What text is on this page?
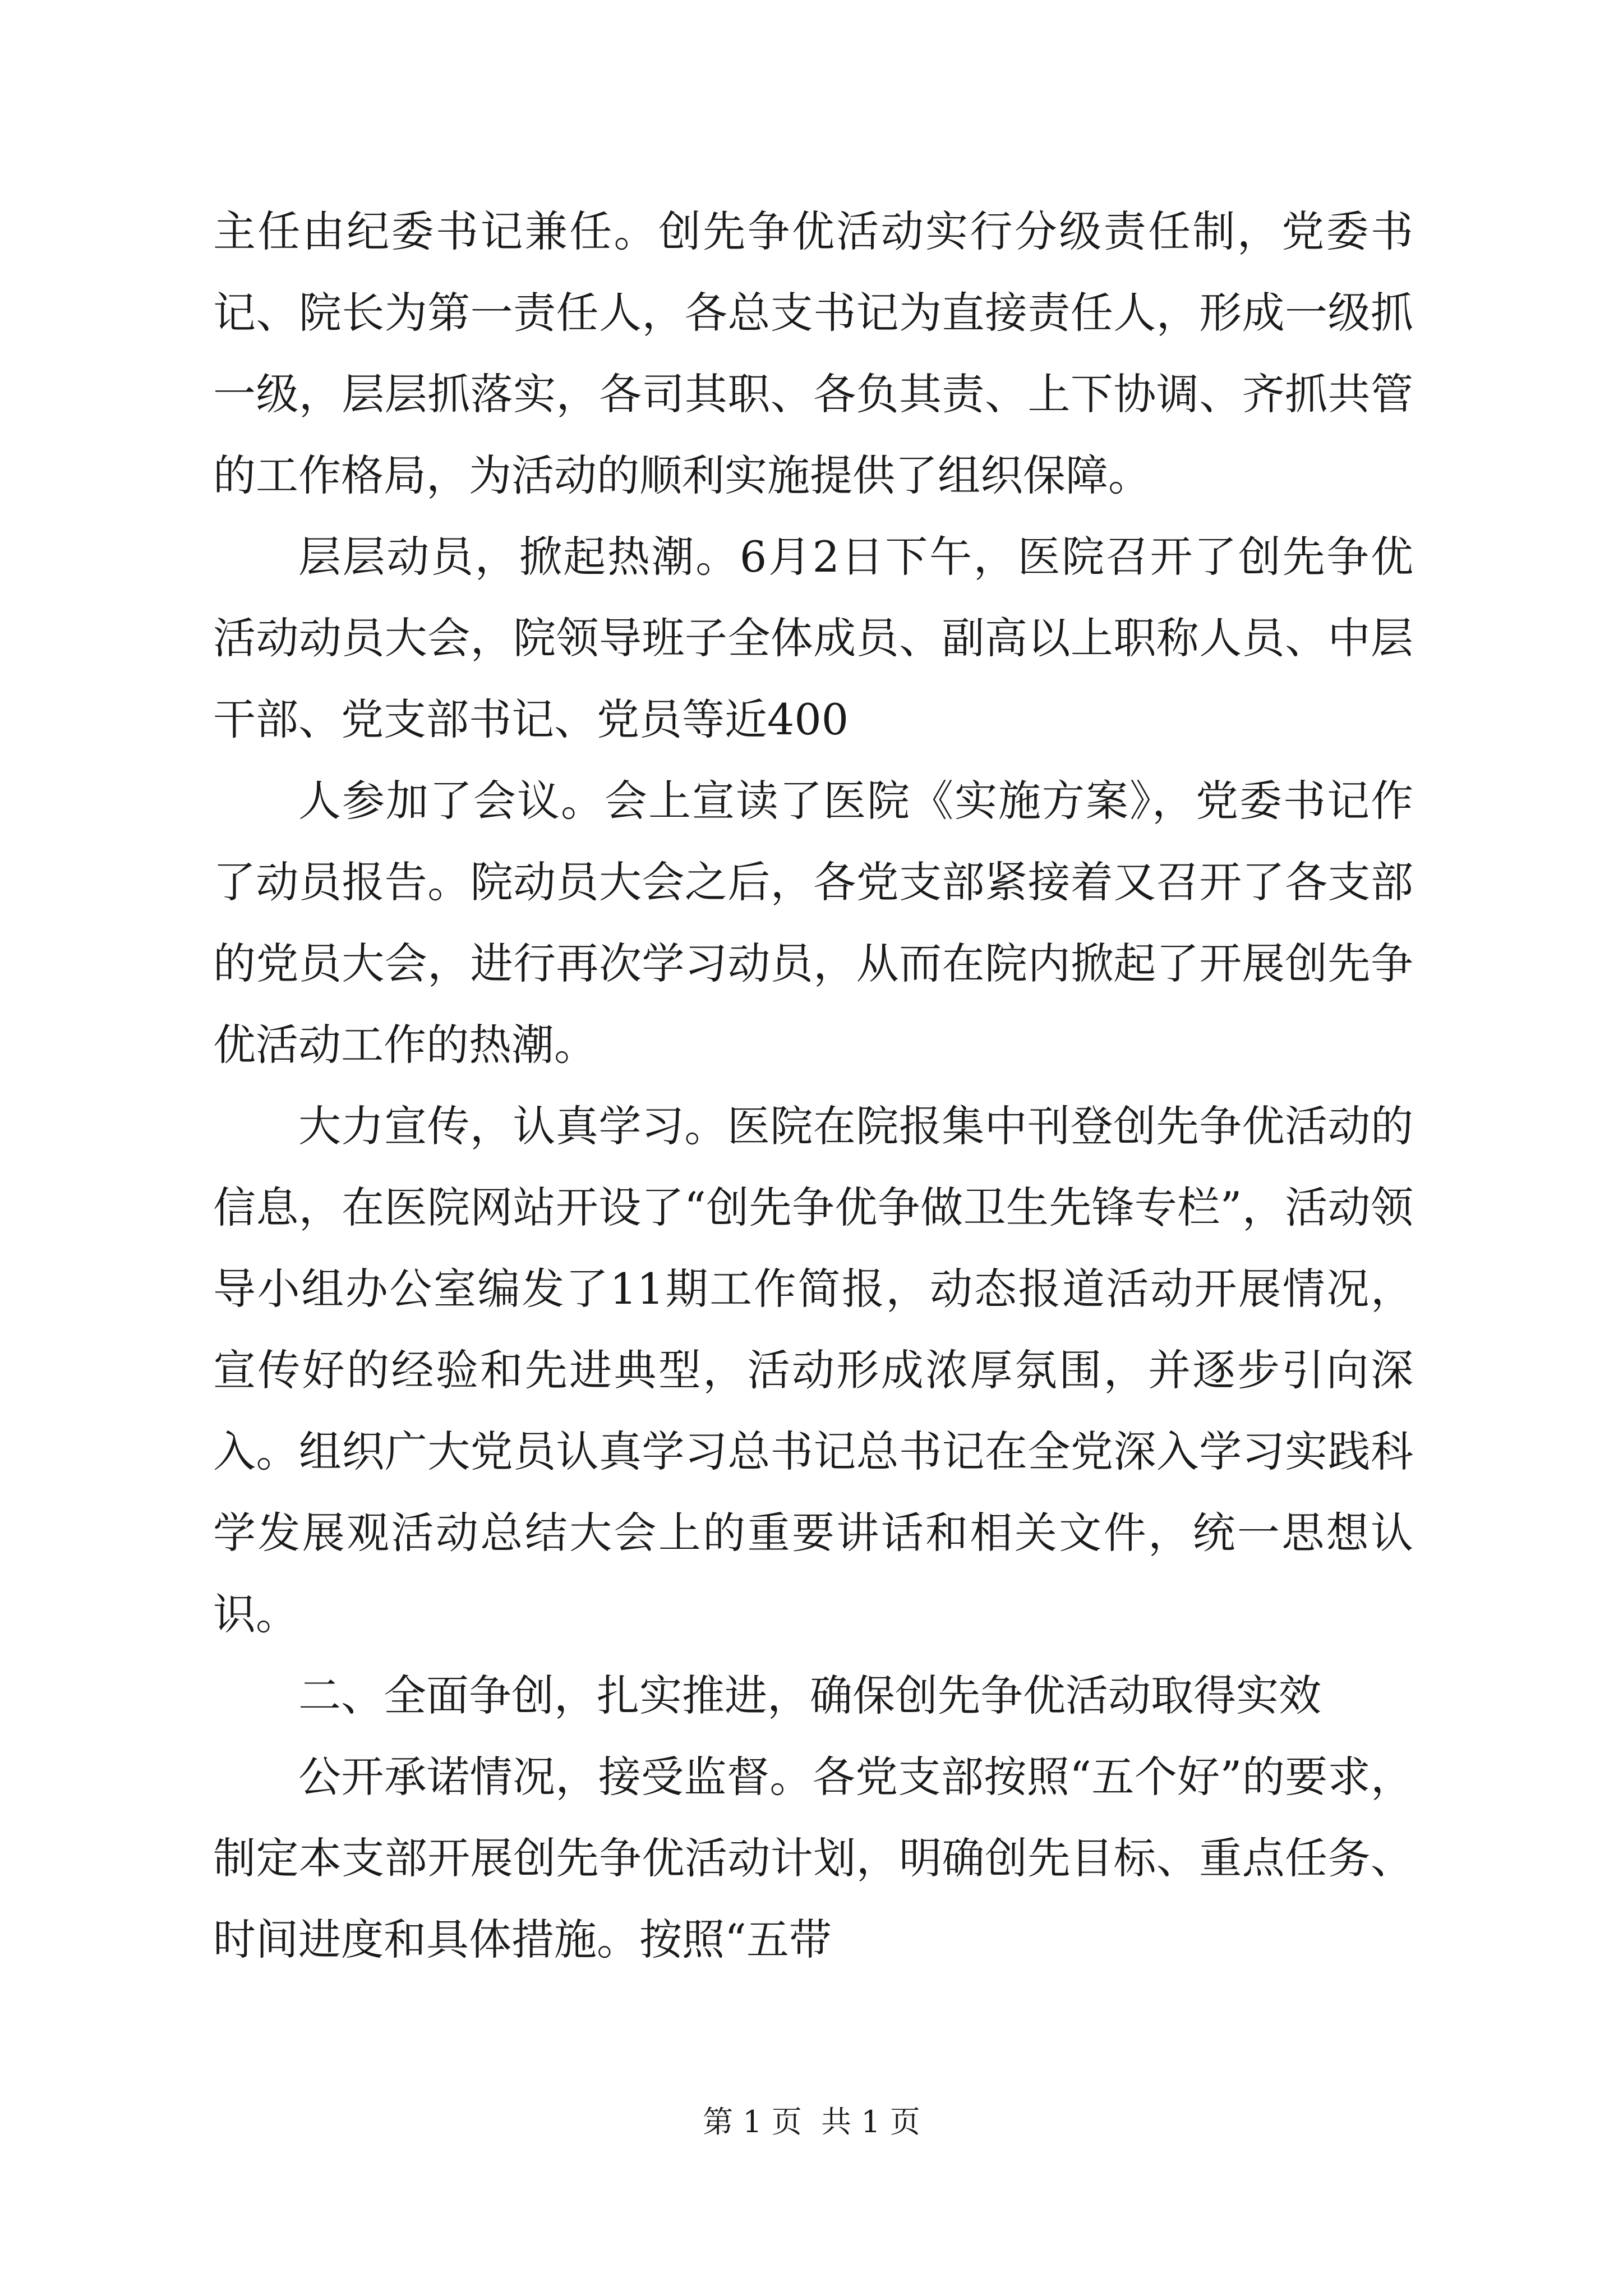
主任由纪委书记兼任。创先争优活动实行分级责任制，党委书记、院长为第一责任人，各总支书记为直接责任人，形成一级抓一级，层层抓落实，各司其职、各负其责、上下协调、齐抓共管的工作格局，为活动的顺利实施提供了组织保障。

层层动员，掀起热潮。6月2日下午，医院召开了创先争优活动动员大会，院领导班子全体成员、副高以上职称人员、中层干部、党支部书记、党员等近400

人参加了会议。会上宣读了医院《实施方案》，党委书记作了动员报告。院动员大会之后，各党支部紧接着又召开了各支部的党员大会，进行再次学习动员，从而在院内掀起了开展创先争优活动工作的热潮。

大力宣传，认真学习。医院在院报集中刊登创先争优活动的信息，在医院网站开设了“创先争优争做卫生先锋专栏”，活动领导小组办公室编发了11期工作简报，动态报道活动开展情况，宣传好的经验和先进典型，活动形成浓厚氛围，并逐步引向深入。组织广大党员认真学习总书记总书记在全党深入学习实践科学发展观活动总结大会上的重要讲话和相关文件，统一思想认识。

二、全面争创，扎实推进，确保创先争优活动取得实效

公开承诺情况，接受监督。各党支部按照“五个好”的要求，制定本支部开展创先争优活动计划，明确创先目标、重点任务、时间进度和具体措施。按照“五带

第 1 页  共 1 页
